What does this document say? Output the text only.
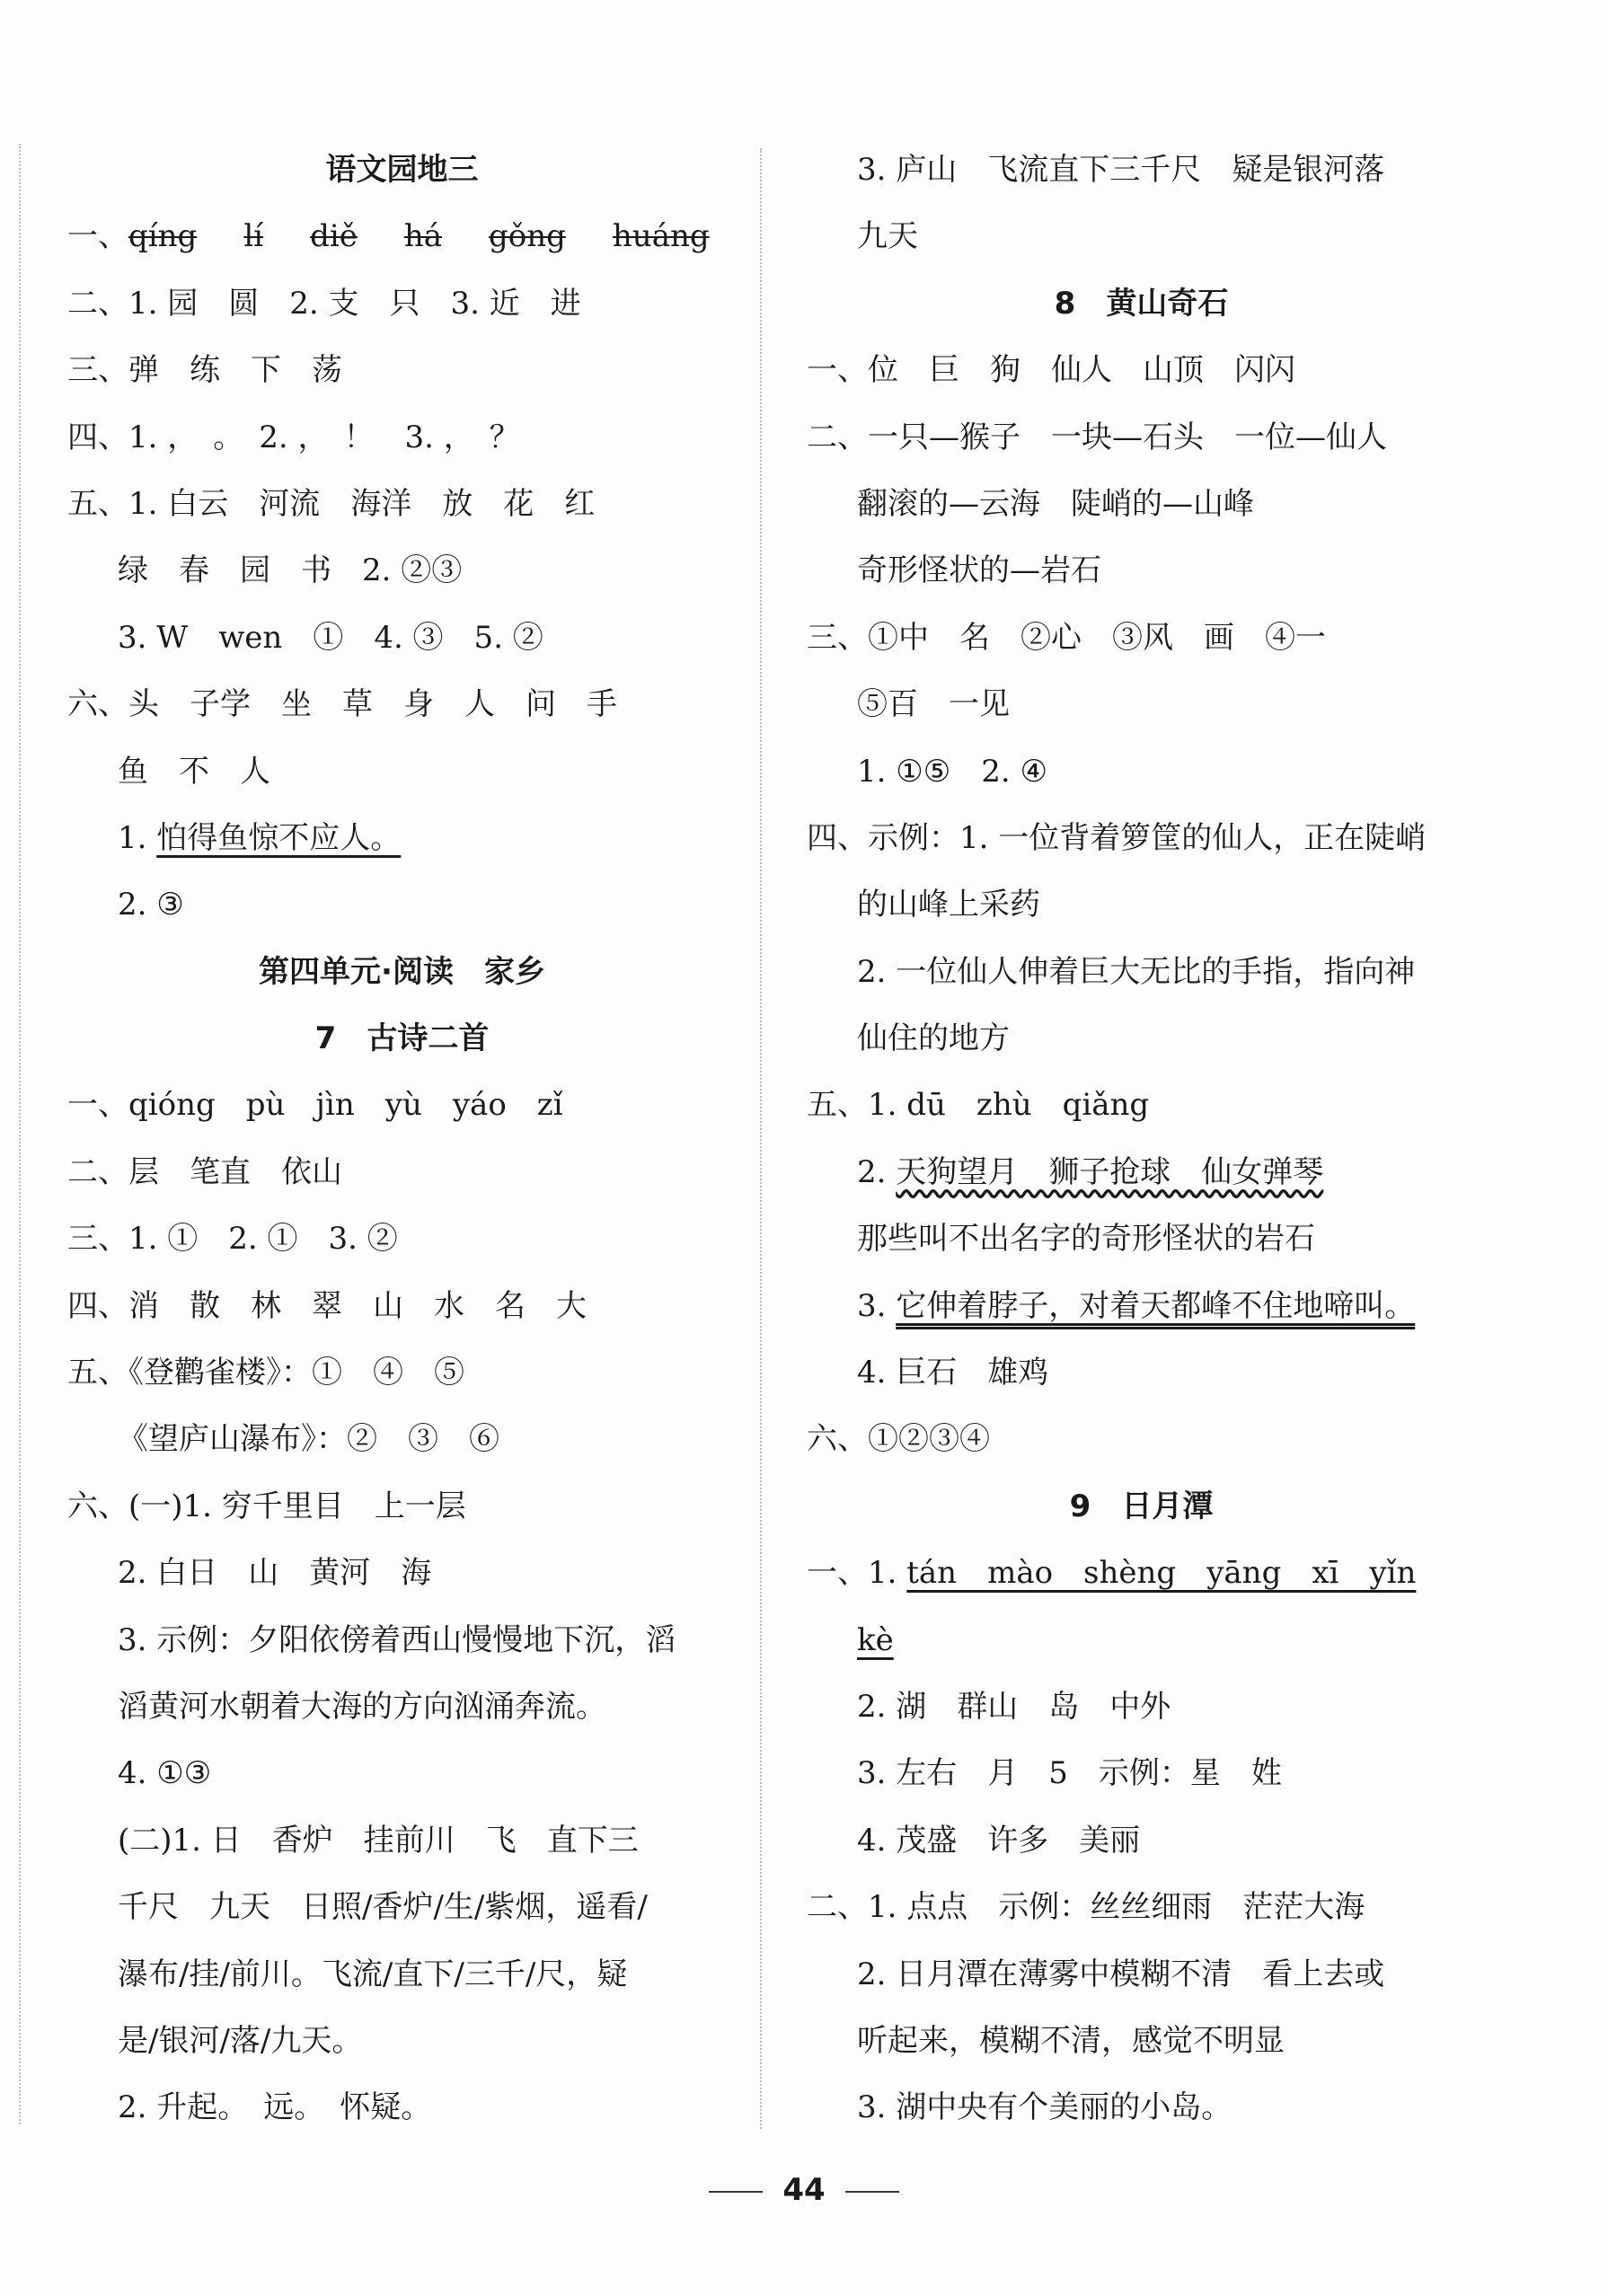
语文园地三
一、qíng lí diě há gǒng huáng
二、1. 园　圆　2. 支　只　3. 近　进
三、弹　练　下　荡
四、1. ，　。　2. ，　！　3. ，　？
五、1. 白云　河流　海洋　放　花　红
绿　春　园　书　2. ②③
3. W　wen　①　4. ③　5. ②
六、头　子学　坐　草　身　人　问　手
鱼　不　人
1. 怕得鱼惊不应人。
2. ③
第四单元·阅读　家乡
7　古诗二首
一、qióng　pù　jìn　yù　yáo　zǐ
二、层　笔直　依山
三、1. ①　2. ①　3. ②
四、消　散　林　翠　山　水　名　大
五、《登鹳雀楼》：①　④　⑤
《望庐山瀑布》：②　③　⑥
六、(一)1. 穷千里目　上一层
2. 白日　山　黄河　海
3. 示例：夕阳依傍着西山慢慢地下沉，滔
滔黄河水朝着大海的方向汹涌奔流。
4. ①③
(二)1. 日　香炉　挂前川　飞　直下三
千尺　九天　日照/香炉/生/紫烟，遥看/
瀑布/挂/前川。飞流/直下/三千/尺，疑
是/银河/落/九天。
2. 升起。　远。　怀疑。
3. 庐山　飞流直下三千尺　疑是银河落
九天
8　黄山奇石
一、位　巨　狗　仙人　山顶　闪闪
二、一只—猴子　一块—石头　一位—仙人
翻滚的—云海　陡峭的—山峰
奇形怪状的—岩石
三、①中　名　②心　③风　画　④一
⑤百　一见
1. ①⑤　2. ④
四、示例：1. 一位背着箩筐的仙人，正在陡峭
的山峰上采药
2. 一位仙人伸着巨大无比的手指，指向神
仙住的地方
五、1. dū　zhù　qiǎng
2. 天狗望月　狮子抢球　仙女弹琴
那些叫不出名字的奇形怪状的岩石
3. 它伸着脖子，对着天都峰不住地啼叫。
4. 巨石　雄鸡
六、①②③④
9　日月潭
一、1. tán　mào　shèng　yāng　xī　yǐn
kè
2. 湖　群山　岛　中外
3. 左右　月　5　示例：星　姓
4. 茂盛　许多　美丽
二、1. 点点　示例：丝丝细雨　茫茫大海
2. 日月潭在薄雾中模糊不清　看上去或
听起来，模糊不清，感觉不明显
3. 湖中央有个美丽的小岛。
44
